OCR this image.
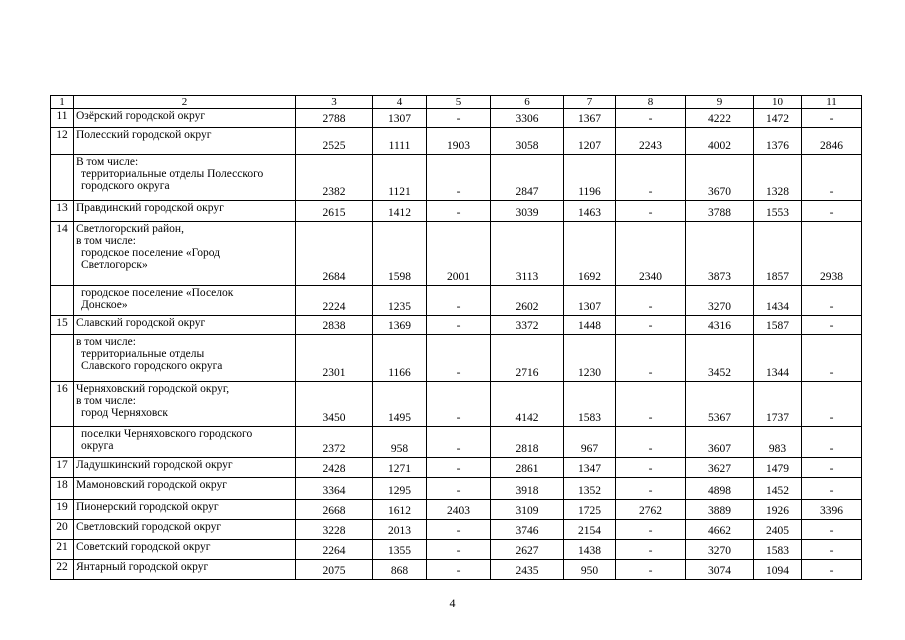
1	2	3	4	5	6	7	8	9	10	11
11	Озёрский городской округ	2788	1307	-	3306	1367	-	4222	1472	-
12	Полесский городской округ	2525	1111	1903	3058	1207	2243	4002	1376	2846

	В том числе:
территориальные отделы Полесского
городского округа	2382	1121	-	2847	1196	-	3670	1328	-
13	Правдинский городской округ	2615	1412	-	3039	1463	-	3788	1553	-
14	Светлогорский район,
в том числе:
городское поселение «Город
Светлогорск»	2684	1598	2001	3113	1692	2340	3873	1857	2938

	городское поселение «Поселок
Донское»	2224	1235	-	2602	1307	-	3270	1434	-
15	Славский городской округ	2838	1369	-	3372	1448	-	4316	1587	-

	в том числе:
территориальные отделы
Славского городского округа	2301	1166	-	2716	1230	-	3452	1344	-
16	Черняховский городской округ,
в том числе:
город Черняховск	3450	1495	-	4142	1583	-	5367	1737	-

	поселки Черняховского городского
округа	2372	958	-	2818	967	-	3607	983	-
17	Ладушкинский городской округ	2428	1271	-	2861	1347	-	3627	1479	-
18	Мамоновский городской округ	3364	1295	-	3918	1352	-	4898	1452	-
19	Пионерский городской округ	2668	1612	2403	3109	1725	2762	3889	1926	3396
20	Светловский городской округ	3228	2013	-	3746	2154	-	4662	2405	-
21	Советский городской округ	2264	1355	-	2627	1438	-	3270	1583	-
22	Янтарный городской округ	2075	868	-	2435	950	-	3074	1094	-
4
